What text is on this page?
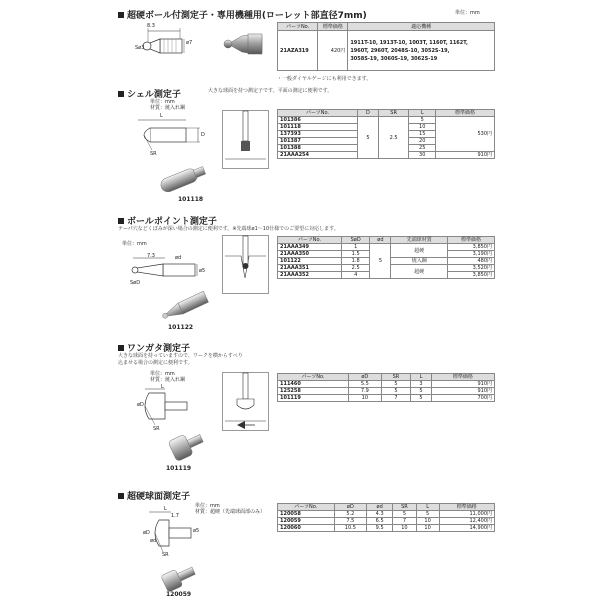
超硬ボール付測定子・専用機種用(ローレット部直径7mm)	単位：mm
8.3
Sø3
ø7
パーツNo.	標準価格	適応機種
21AZA319	420円	1911T-10, 1913T-10, 1003T, 1160T, 1162T,
1960T, 2960T, 2048S-10, 3052S-19,
3058S-19, 3060S-19, 3062S-19
・一般ダイヤルゲージにも利用できます。
シェル測定子	大きな球面を持つ測定子です。平面の測定に便利です。
単位：mm
材質：焼入れ鋼
L
SR
D
101118
パーツNo.	D	SR	L	標準価格
101386	5	2.5	5	530円
101118			10	
137393			15	
101387			20	
101388			25	
21AAA254			30	910円
ボールポイント測定子
テーパ穴などくぼみが深い場合の測定に便利です。※先端球ø1〜10仕様でのご要望に対応します。
単位：mm
7.3
SøD
ød
ø5
101122
パーツNo.	SøD	ød	先端球材質	標準価格
21AAA349	1	5	超硬	3,850円
21AAA350	1.5			3,190円
101122	1.8		焼入鋼	480円
21AAA351	2.5		超硬	3,520円
21AAA352	4			3,850円
ワンガタ測定子
大きな球面を持っていますので、ワークを横からすべり
込ませる場合の測定に便利です。
単位：mm
材質：焼入れ鋼
L
øD
SR
101119
パーツNo.	øD	SR	L	標準価格
111460	5.5	5	3	910円
125258	7.9	5	5	910円
101119	10	7	5	700円
超硬球面測定子
単位：mm
材質：超硬（先端球面部のみ）
L
1.7
øD
ød
ø5
SR
120059
パーツNo.	øD	ød	SR	L	標準価格
120058	5.2	4.3	5	5	11,000円
120059	7.5	6.5	7	10	12,400円
120060	10.5	9.5	10	10	14,900円
